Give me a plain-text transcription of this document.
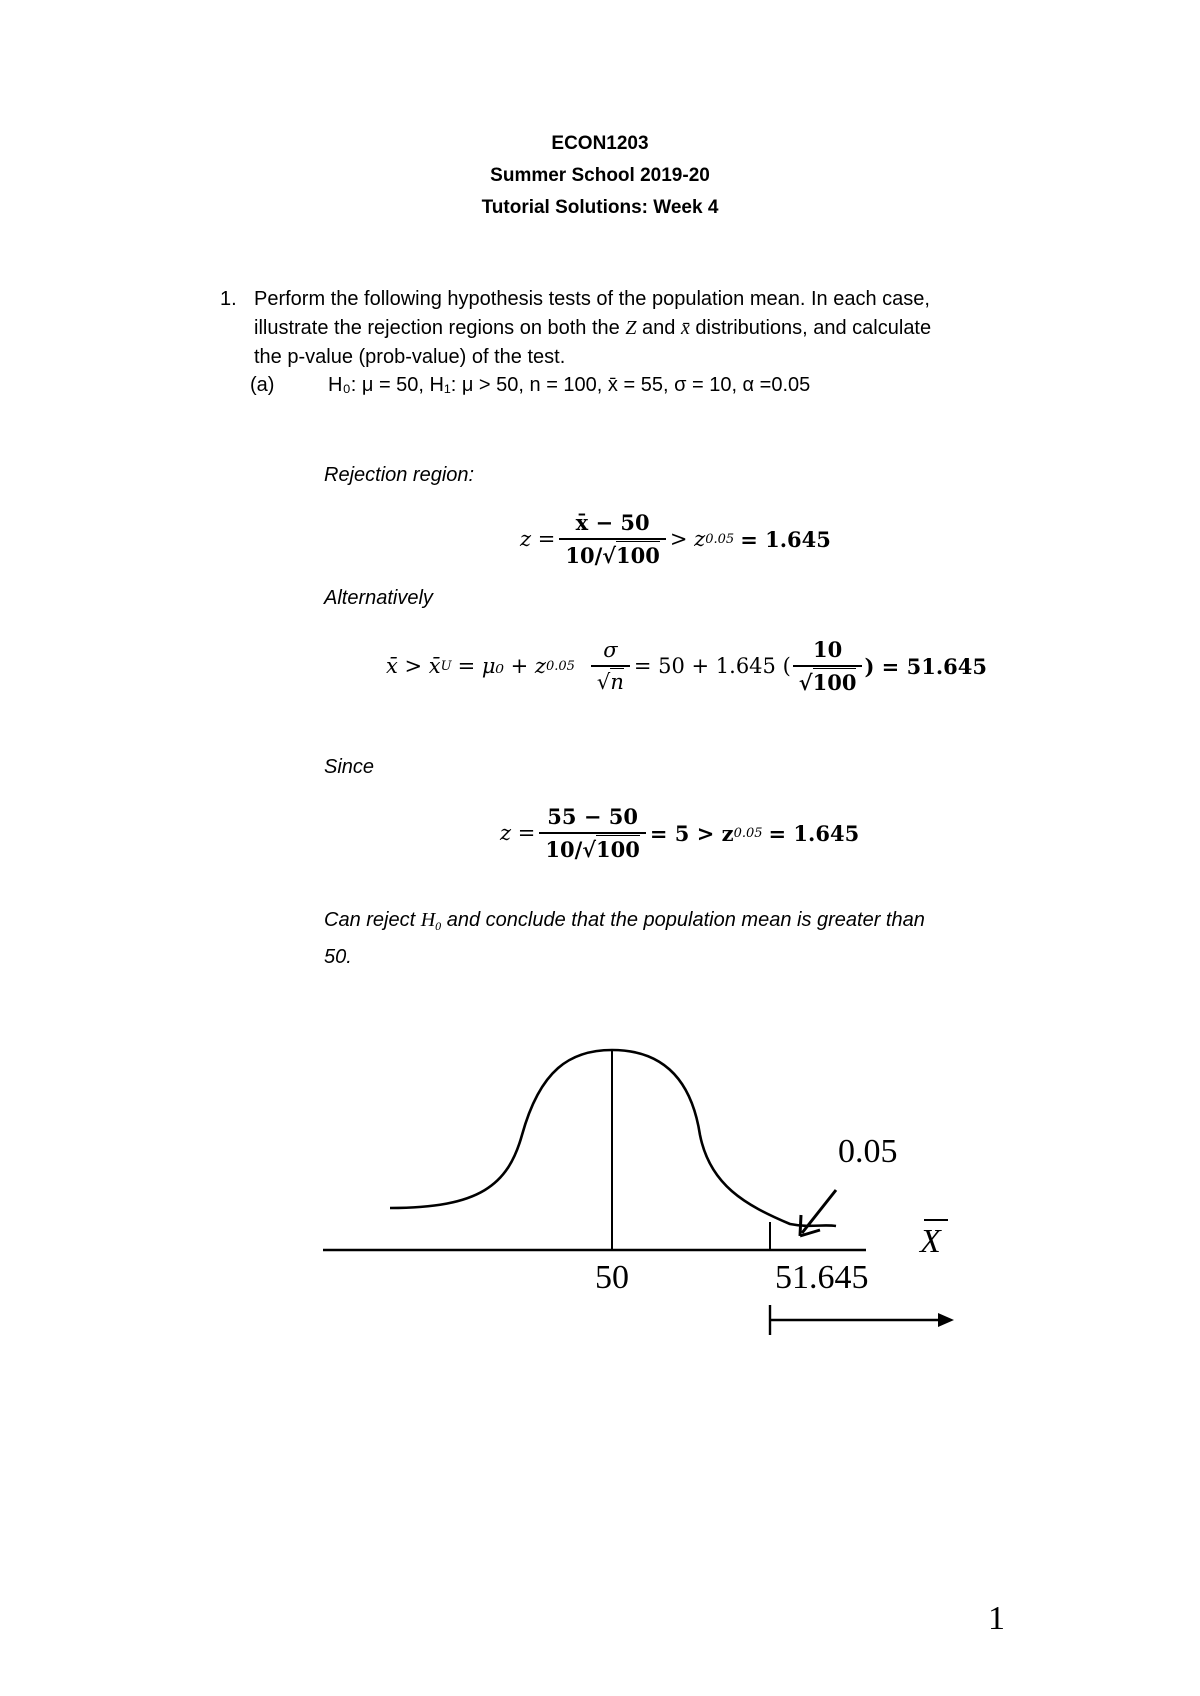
ECON1203
Summer School 2019-20
Tutorial Solutions: Week 4
1. Perform the following hypothesis tests of the population mean. In each case,
illustrate the rejection regions on both the Z and x̄ distributions, and calculate
the p-value (prob-value) of the test.
(a)	H₀: μ = 50, H₁: μ > 50, n = 100, x̄ = 55, σ = 10, α =0.05
Rejection region:
$z = \frac{x̄ - 50}{10/√100} > z$ 0.05 = 1.645
Alternatively
x̄ > x̄ U = μ₀ + z $0.05 \frac{\sigma}{√n} = 50 + 1.645$ ( $\frac{10}{√100}$ ) = 51.645
Since
$z = \frac{55 - 50}{10/√100} = 5 > z$ 0.05 = 1.645
Can reject $H_0$ and conclude that the population mean is greater than
50.
0.05
X
50	51.645
1
